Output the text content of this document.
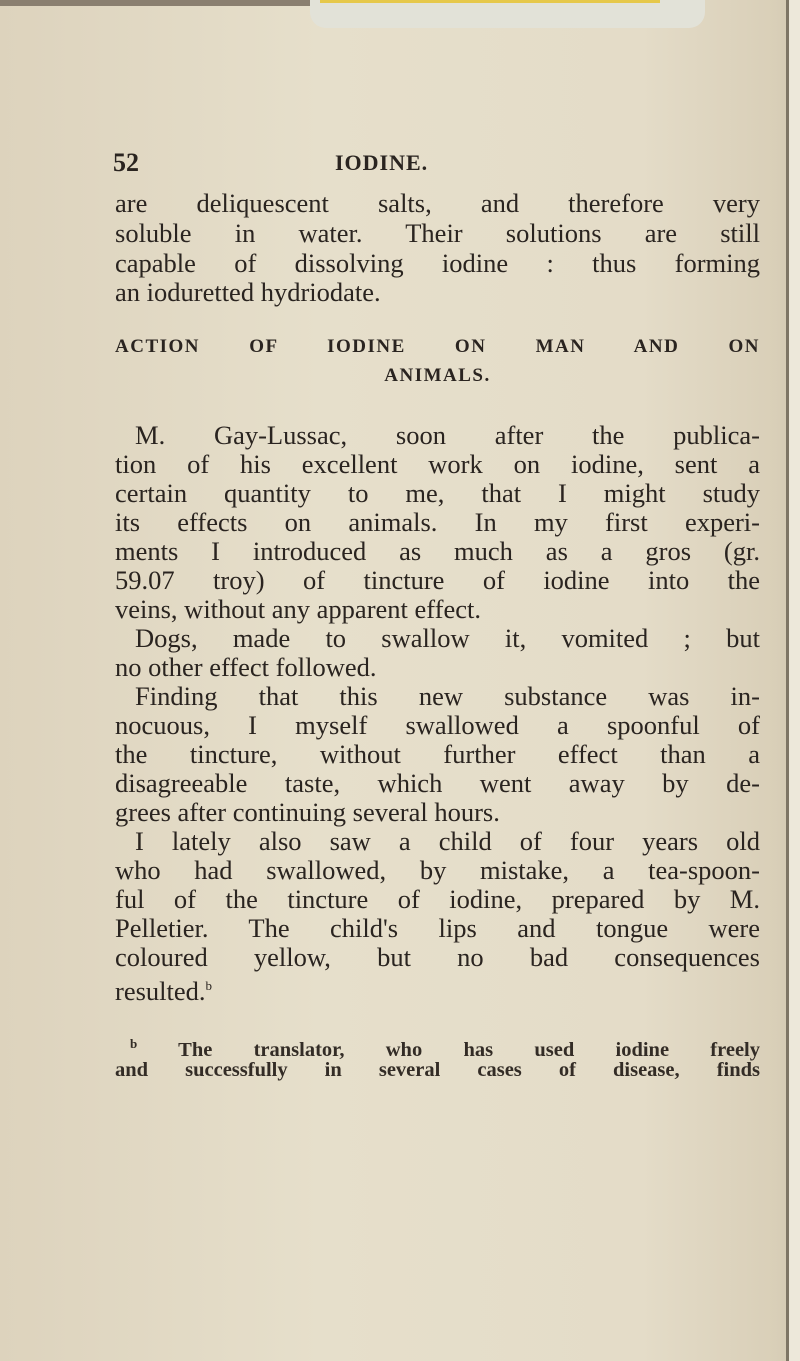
52	IODINE.
are deliquescent salts, and therefore very
soluble in water. Their solutions are still
capable of dissolving iodine : thus forming
an ioduretted hydriodate.
ACTION OF IODINE ON MAN AND ON
ANIMALS.
M. Gay-Lussac, soon after the publica-
tion of his excellent work on iodine, sent a
certain quantity to me, that I might study
its effects on animals. In my first experi-
ments I introduced as much as a gros (gr.
59.07 troy) of tincture of iodine into the
veins, without any apparent effect.
Dogs, made to swallow it, vomited ; but
no other effect followed.
Finding that this new substance was in-
nocuous, I myself swallowed a spoonful of
the tincture, without further effect than a
disagreeable taste, which went away by de-
grees after continuing several hours.
I lately also saw a child of four years old
who had swallowed, by mistake, a tea-spoon-
ful of the tincture of iodine, prepared by M.
Pelletier. The child's lips and tongue were
coloured yellow, but no bad consequences
resulted.$^b$
$^b$ The translator, who has used iodine freely
and successfully in several cases of disease, finds
